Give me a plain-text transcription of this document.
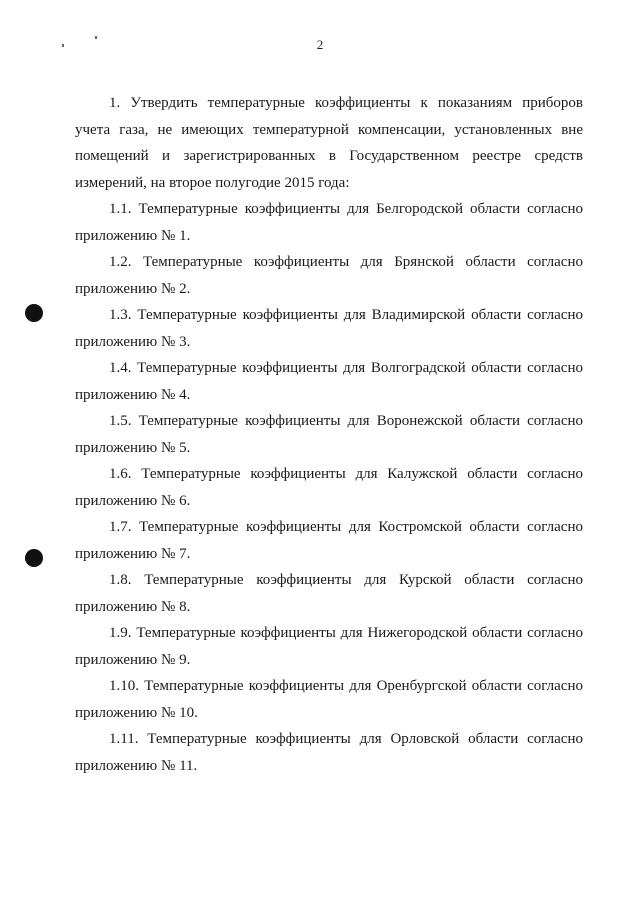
2
1. Утвердить температурные коэффициенты к показаниям приборов
учета газа, не имеющих температурной компенсации, установленных вне
помещений и зарегистрированных в Государственном реестре средств
измерений, на второе полугодие 2015 года:
1.1. Температурные коэффициенты для Белгородской области согласно
приложению № 1.
1.2. Температурные коэффициенты для Брянской области согласно
приложению № 2.
1.3. Температурные коэффициенты для Владимирской области согласно
приложению № 3.
1.4. Температурные коэффициенты для Волгоградской области согласно
приложению № 4.
1.5. Температурные коэффициенты для Воронежской области согласно
приложению № 5.
1.6. Температурные коэффициенты для Калужской области согласно
приложению № 6.
1.7. Температурные коэффициенты для Костромской области согласно
приложению № 7.
1.8. Температурные коэффициенты для Курской области согласно
приложению № 8.
1.9. Температурные коэффициенты для Нижегородской области согласно
приложению № 9.
1.10. Температурные коэффициенты для Оренбургской области согласно
приложению № 10.
1.11. Температурные коэффициенты для Орловской области согласно
приложению № 11.
